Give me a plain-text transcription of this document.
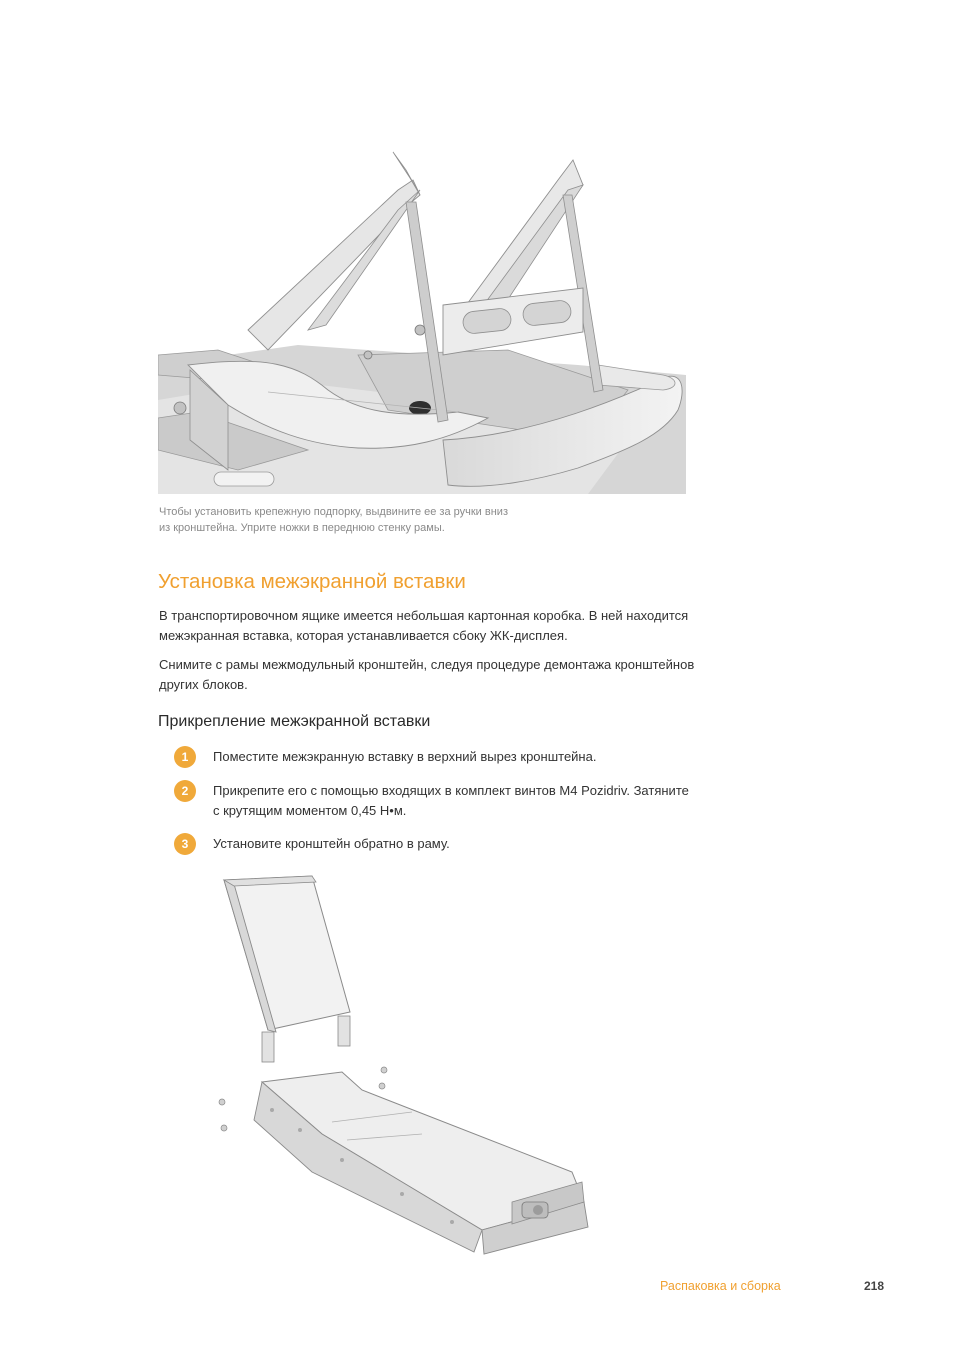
Чтобы установить крепежную подпорку, выдвините ее за ручки вниз
из кронштейна. Уприте ножки в переднюю стенку рамы.
Установка межэкранной вставки

В транспортировочном ящике имеется небольшая картонная коробка. В ней находится
межэкранная вставка, которая устанавливается сбоку ЖК-дисплея.

Снимите с рамы межмодульный кронштейн, следуя процедуре демонтажа кронштейнов
других блоков.

Прикрепление межэкранной вставки
1	Поместите межэкранную вставку в верхний вырез кронштейна.
2	Прикрепите его с помощью входящих в комплект винтов M4 Pozidriv. Затяните
с крутящим моментом 0,45 Н•м.
3	Установите кронштейн обратно в раму.
Распаковка и сборка	218
